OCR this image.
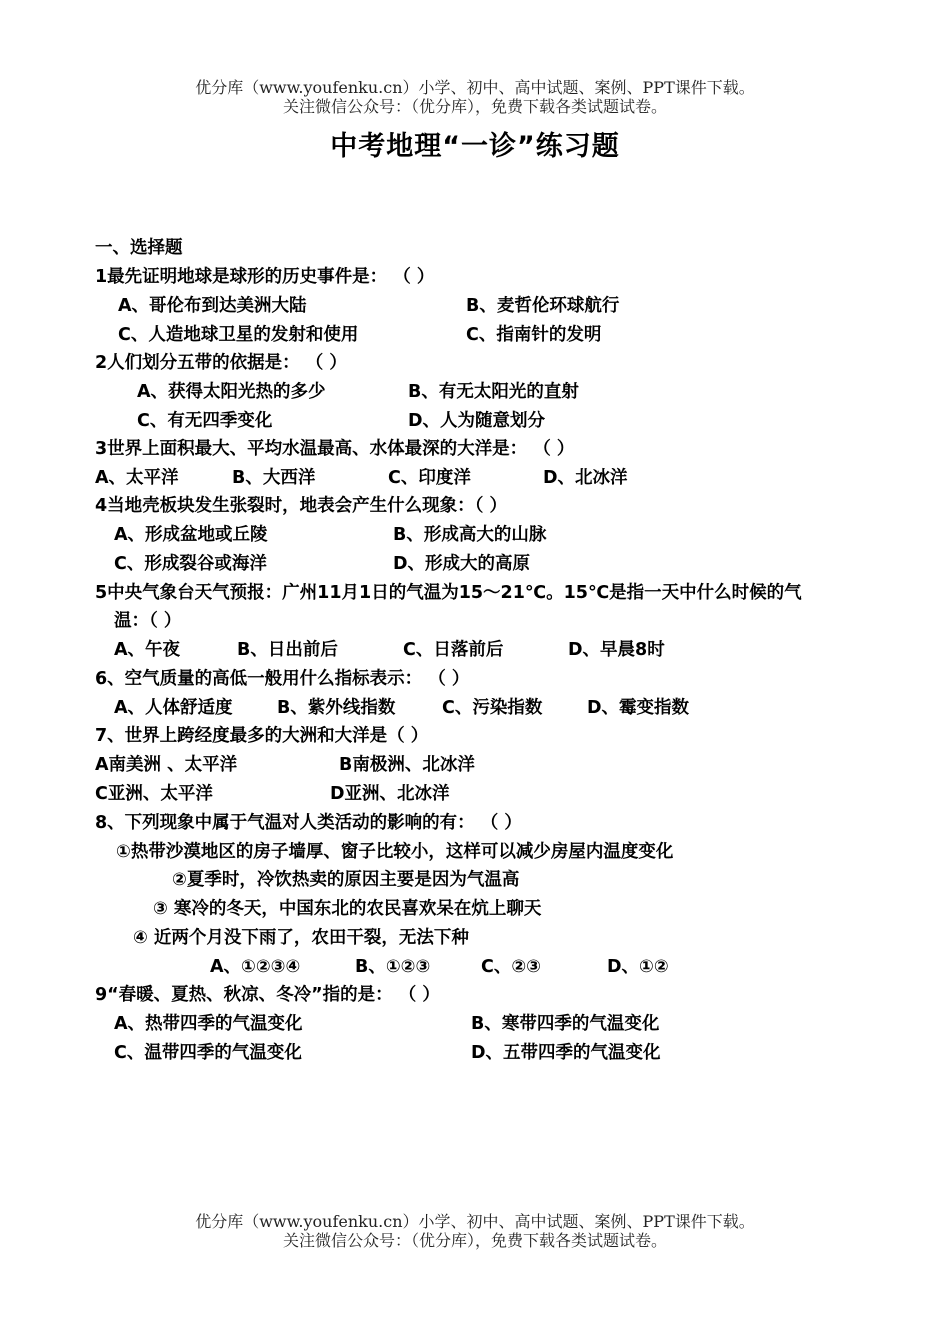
优分库（www.youfenku.cn）小学、初中、高中试题、案例、PPT课件下载。
关注微信公众号：（优分库），免费下载各类试题试卷。
中考地理“一诊”练习题
一、选择题
1最先证明地球是球形的历史事件是： （ ）
A、哥伦布到达美洲大陆	B、麦哲伦环球航行
C、人造地球卫星的发射和使用	C、指南针的发明
2人们划分五带的依据是： （ ）
A、获得太阳光热的多少	B、有无太阳光的直射
C、有无四季变化	D、人为随意划分
3世界上面积最大、平均水温最高、水体最深的大洋是： （ ）
A、太平洋	B、大西洋	C、印度洋	D、北冰洋
4当地壳板块发生张裂时，地表会产生什么现象：（ ）
A、形成盆地或丘陵	B、形成高大的山脉
C、形成裂谷或海洋	D、形成大的高原
5中央气象台天气预报：广州11月1日的气温为15～21℃。15℃是指一天中什么时候的气
温：（ ）
A、午夜	B、日出前后	C、日落前后	D、早晨8时
6、空气质量的高低一般用什么指标表示： （ ）
A、人体舒适度	B、紫外线指数	C、污染指数	D、霉变指数
7、世界上跨经度最多的大洲和大洋是（ ）
A南美洲 、太平洋	B南极洲、北冰洋
C亚洲、太平洋	D亚洲、北冰洋
8、下列现象中属于气温对人类活动的影响的有： （ ）
①热带沙漠地区的房子墙厚、窗子比较小，这样可以减少房屋内温度变化
②夏季时，冷饮热卖的原因主要是因为气温高
③ 寒冷的冬天，中国东北的农民喜欢呆在炕上聊天
④ 近两个月没下雨了，农田干裂，无法下种
A、①②③④	B、①②③	C、②③	D、①②
9“春暖、夏热、秋凉、冬冷”指的是： （ ）
A、热带四季的气温变化	B、寒带四季的气温变化
C、温带四季的气温变化	D、五带四季的气温变化
优分库（www.youfenku.cn）小学、初中、高中试题、案例、PPT课件下载。
关注微信公众号：（优分库），免费下载各类试题试卷。
